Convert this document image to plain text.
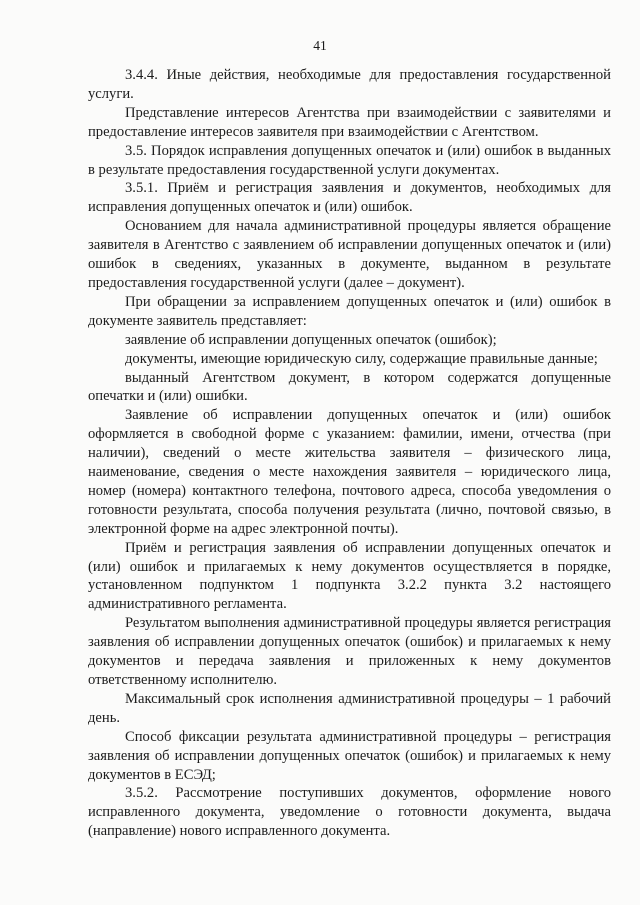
41

3.4.4. Иные действия, необходимые для предоставления государственной услуги.

Представление интересов Агентства при взаимодействии с заявителями и предоставление интересов заявителя при взаимодействии с Агентством.

3.5. Порядок исправления допущенных опечаток и (или) ошибок в выданных в результате предоставления государственной услуги документах.

3.5.1. Приём и регистрация заявления и документов, необходимых для исправления допущенных опечаток и (или) ошибок.

Основанием для начала административной процедуры является обращение заявителя в Агентство с заявлением об исправлении допущенных опечаток и (или) ошибок в сведениях, указанных в документе, выданном в результате предоставления государственной услуги (далее – документ).

При обращении за исправлением допущенных опечаток и (или) ошибок в документе заявитель представляет:

заявление об исправлении допущенных опечаток (ошибок);

документы, имеющие юридическую силу, содержащие правильные данные;

выданный Агентством документ, в котором содержатся допущенные опечатки и (или) ошибки.

Заявление об исправлении допущенных опечаток и (или) ошибок оформляется в свободной форме с указанием: фамилии, имени, отчества (при наличии), сведений о месте жительства заявителя – физического лица, наименование, сведения о месте нахождения заявителя – юридического лица, номер (номера) контактного телефона, почтового адреса, способа уведомления о готовности результата, способа получения результата (лично, почтовой связью, в электронной форме на адрес электронной почты).

Приём и регистрация заявления об исправлении допущенных опечаток и (или) ошибок и прилагаемых к нему документов осуществляется в порядке, установленном подпунктом 1 подпункта 3.2.2 пункта 3.2 настоящего административного регламента.

Результатом выполнения административной процедуры является регистрация заявления об исправлении допущенных опечаток (ошибок) и прилагаемых к нему документов и передача заявления и приложенных к нему документов ответственному исполнителю.

Максимальный срок исполнения административной процедуры – 1 рабочий день.

Способ фиксации результата административной процедуры – регистрация заявления об исправлении допущенных опечаток (ошибок) и прилагаемых к нему документов в ЕСЭД;

3.5.2. Рассмотрение поступивших документов, оформление нового исправленного документа, уведомление о готовности документа, выдача (направление) нового исправленного документа.
